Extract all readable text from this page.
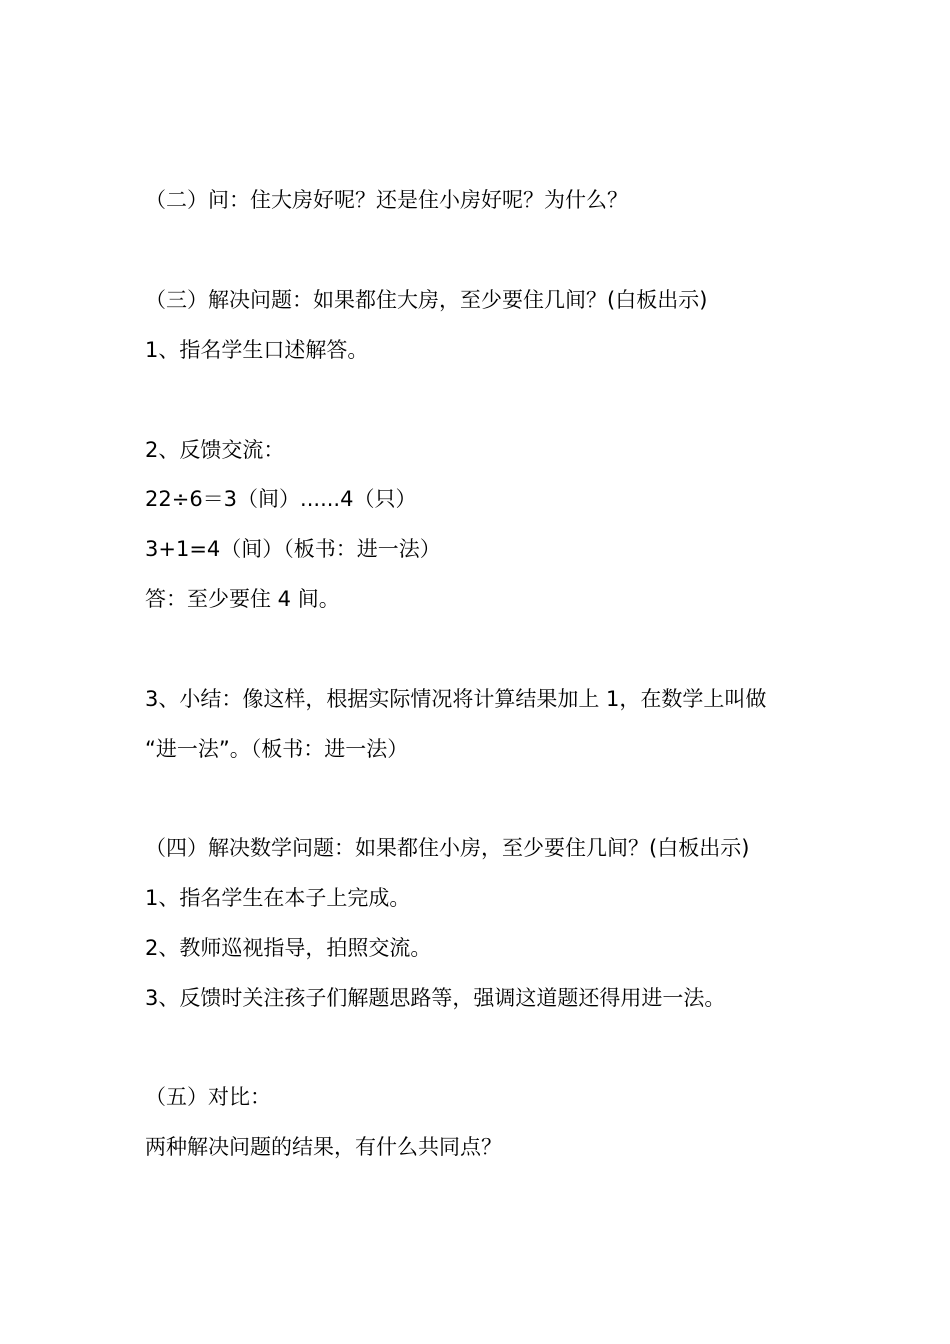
（二）问：住大房好呢？还是住小房好呢？为什么？
（三）解决问题：如果都住大房，至少要住几间？(白板出示)
1、指名学生口述解答。
2、反馈交流：
22÷6＝3（间）......4（只）
3+1=4（间）（板书：进一法）
答：至少要住 4 间。
3、小结：像这样，根据实际情况将计算结果加上 1，在数学上叫做
“进一法”。（板书：进一法）
（四）解决数学问题：如果都住小房，至少要住几间？(白板出示)
1、指名学生在本子上完成。
2、教师巡视指导，拍照交流。
3、反馈时关注孩子们解题思路等，强调这道题还得用进一法。
（五）对比：
两种解决问题的结果，有什么共同点？
